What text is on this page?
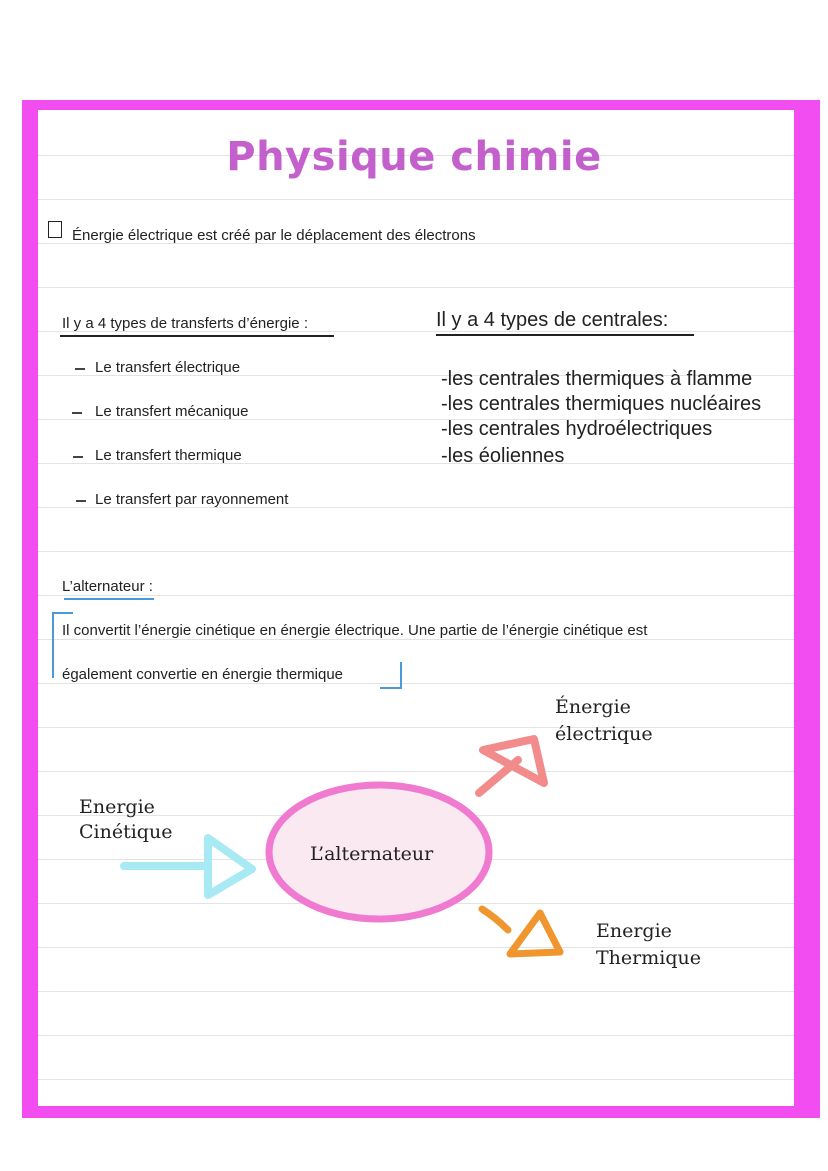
Physique chimie
Énergie électrique est créé par le déplacement des électrons
Il y a 4 types de transferts d’énergie :
Le transfert électrique
Le transfert mécanique
Le transfert thermique
Le transfert par rayonnement
Il y a 4 types de centrales:
-les centrales thermiques à flamme
-les centrales thermiques nucléaires
-les centrales hydroélectriques
-les éoliennes
L’alternateur :
Il convertit l’énergie cinétique en énergie électrique. Une partie de l’énergie cinétique est
également convertie en énergie thermique
L’alternateur
Energie
Cinétique
Énergie
électrique
Energie
Thermique
